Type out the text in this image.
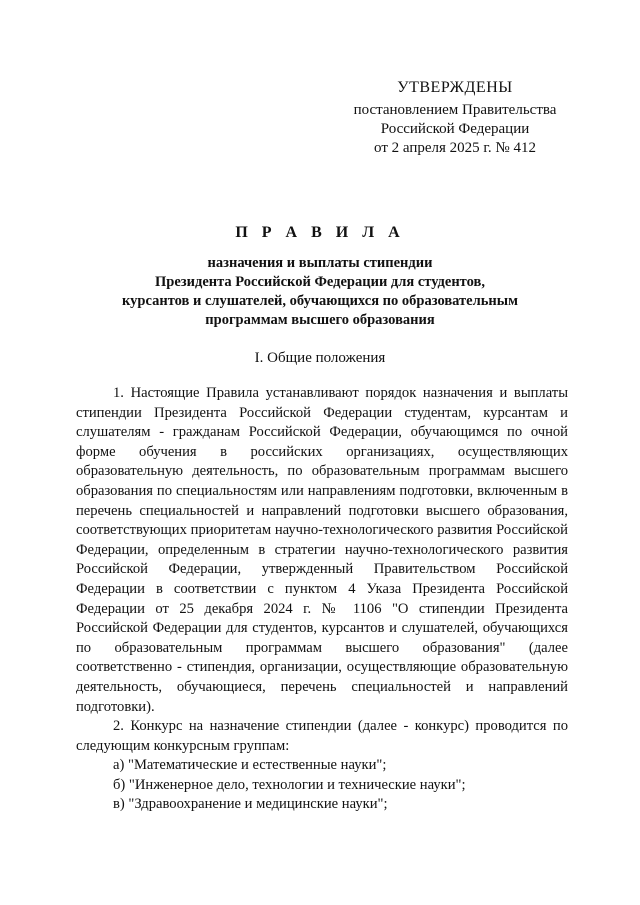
УТВЕРЖДЕНЫ
постановлением Правительства
Российской Федерации
от 2 апреля 2025 г. № 412
П Р А В И Л А
назначения и выплаты стипендии
Президента Российской Федерации для студентов,
курсантов и слушателей, обучающихся по образовательным
программам высшего образования
I. Общие положения

1. Настоящие Правила устанавливают порядок назначения и выплаты стипендии Президента Российской Федерации студентам, курсантам и слушателям - гражданам Российской Федерации, обучающимся по очной форме обучения в российских организациях, осуществляющих образовательную деятельность, по образовательным программам высшего образования по специальностям или направлениям подготовки, включенным в перечень специальностей и направлений подготовки высшего образования, соответствующих приоритетам научно-технологического развития Российской Федерации, определенным в стратегии научно-технологического развития Российской Федерации, утвержденный Правительством Российской Федерации в соответствии с пунктом 4 Указа Президента Российской Федерации от 25 декабря 2024 г. № 1106 "О стипендии Президента Российской Федерации для студентов, курсантов и слушателей, обучающихся по образовательным программам высшего образования" (далее соответственно - стипендия, организации, осуществляющие образовательную деятельность, обучающиеся, перечень специальностей и направлений подготовки).

2. Конкурс на назначение стипендии (далее - конкурс) проводится по следующим конкурсным группам:

а) "Математические и естественные науки";

б) "Инженерное дело, технологии и технические науки";

в) "Здравоохранение и медицинские науки";
